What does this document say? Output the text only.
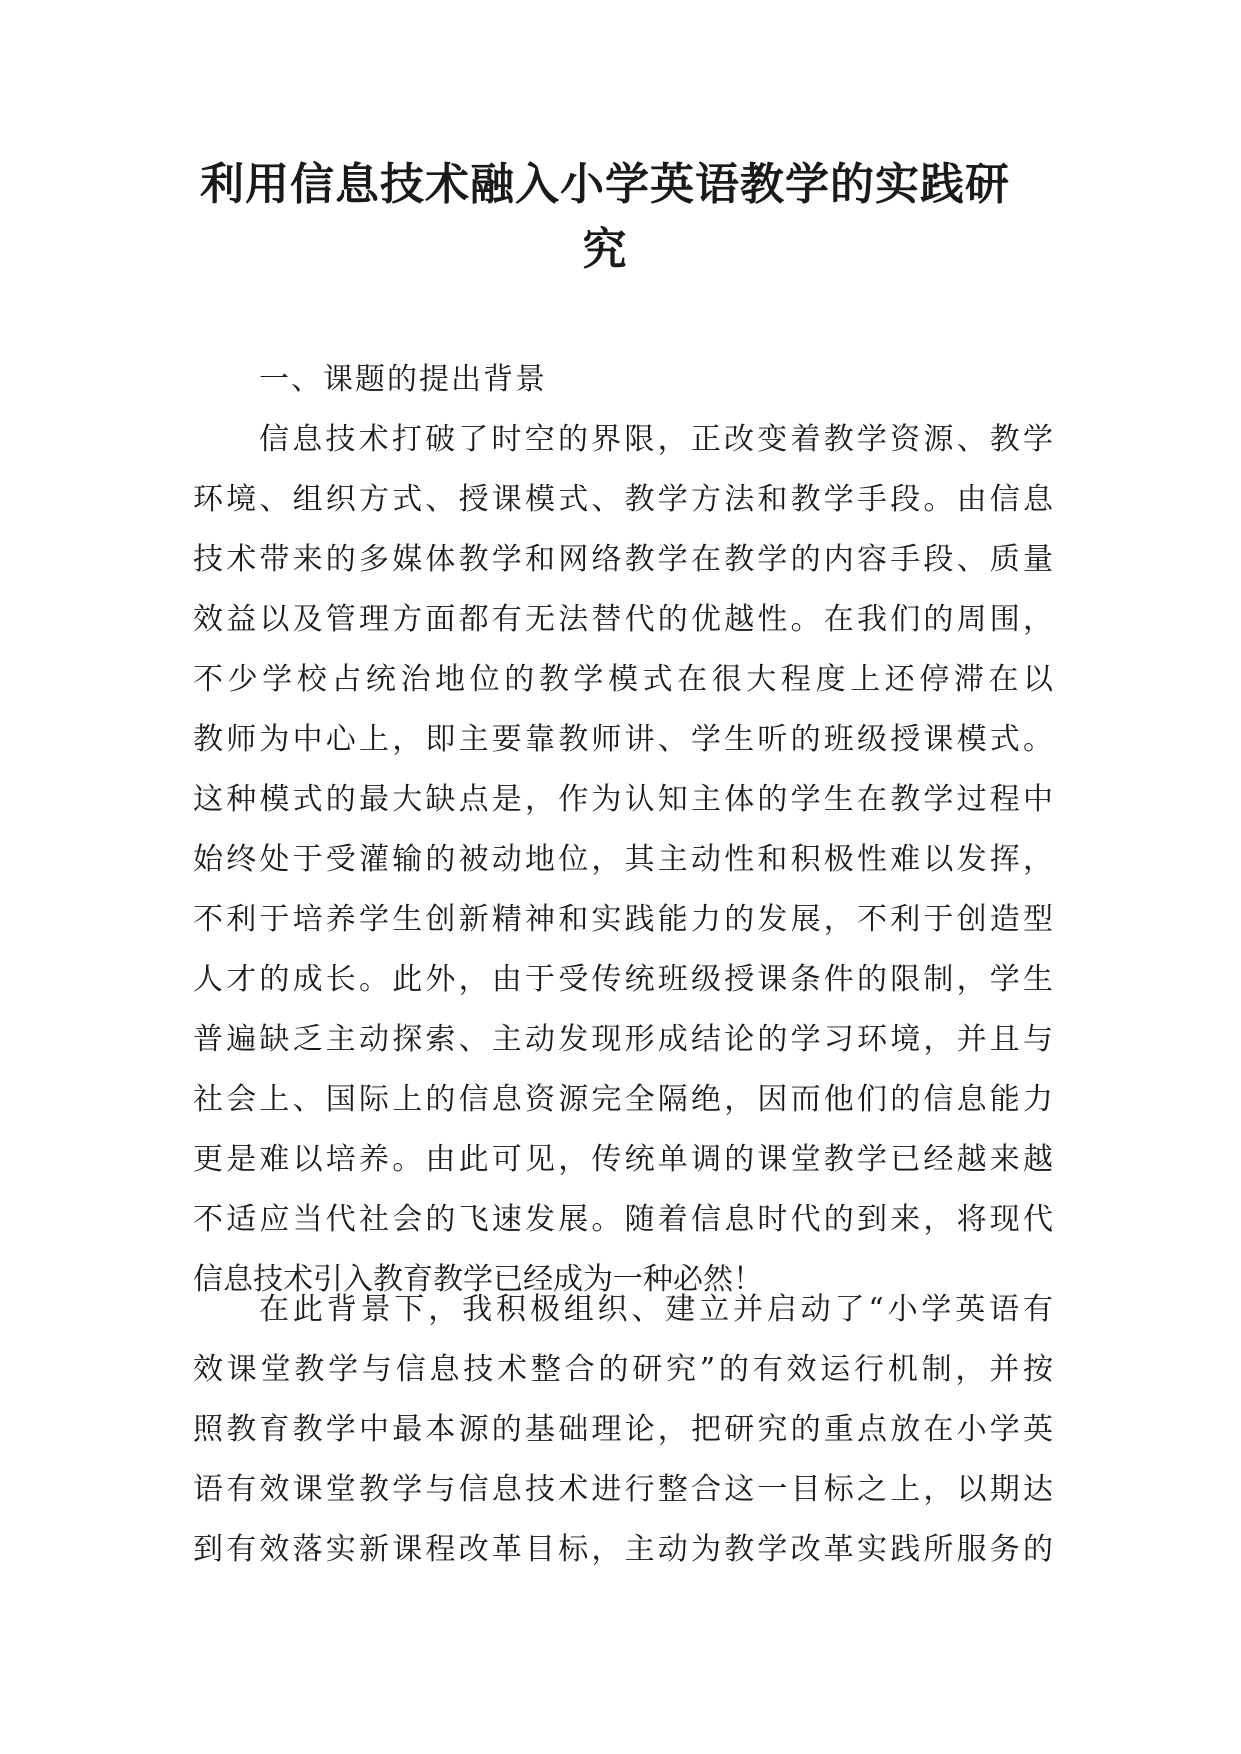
利用信息技术融入小学英语教学的实践研
究
一、课题的提出背景
信息技术打破了时空的界限，正改变着教学资源、教学
环境、组织方式、授课模式、教学方法和教学手段。由信息
技术带来的多媒体教学和网络教学在教学的内容手段、质量
效益以及管理方面都有无法替代的优越性。在我们的周围，
不少学校占统治地位的教学模式在很大程度上还停滞在以
教师为中心上，即主要靠教师讲、学生听的班级授课模式。
这种模式的最大缺点是，作为认知主体的学生在教学过程中
始终处于受灌输的被动地位，其主动性和积极性难以发挥，
不利于培养学生创新精神和实践能力的发展，不利于创造型
人才的成长。此外，由于受传统班级授课条件的限制，学生
普遍缺乏主动探索、主动发现形成结论的学习环境，并且与
社会上、国际上的信息资源完全隔绝，因而他们的信息能力
更是难以培养。由此可见，传统单调的课堂教学已经越来越
不适应当代社会的飞速发展。随着信息时代的到来，将现代
信息技术引入教育教学已经成为一种必然！
在此背景下，我积极组织、建立并启动了“小学英语有
效课堂教学与信息技术整合的研究”的有效运行机制，并按
照教育教学中最本源的基础理论，把研究的重点放在小学英
语有效课堂教学与信息技术进行整合这一目标之上，以期达
到有效落实新课程改革目标，主动为教学改革实践所服务的
